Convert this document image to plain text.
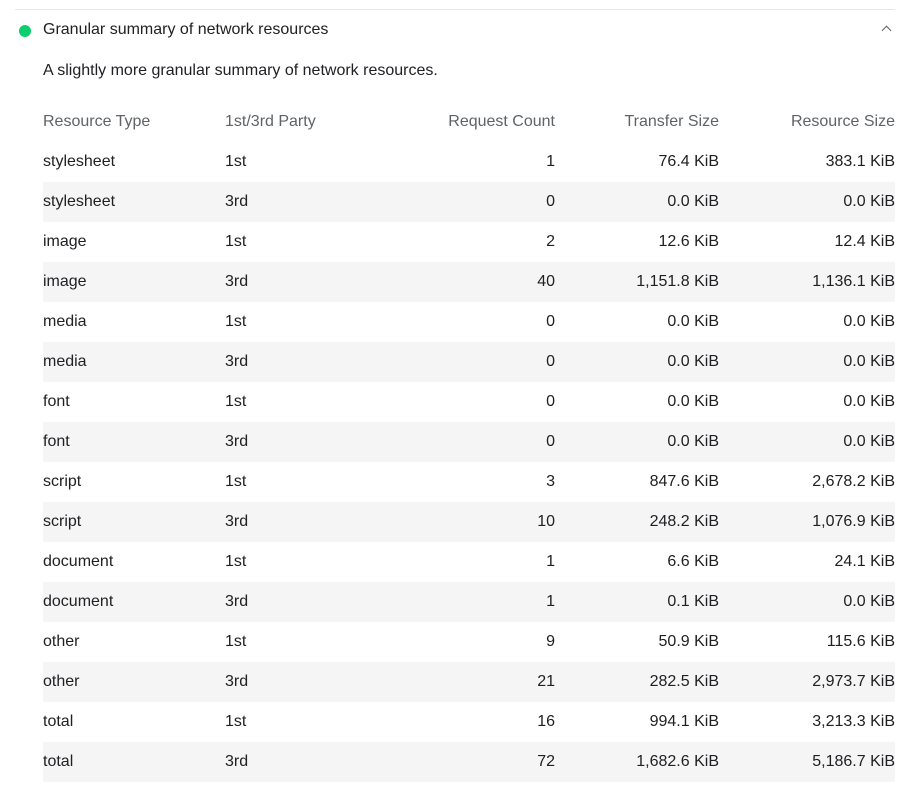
Granular summary of network resources
A slightly more granular summary of network resources.
Resource Type	1st/3rd Party	Request Count	Transfer Size	Resource Size
stylesheet	1st	1	76.4 KiB	383.1 KiB
stylesheet	3rd	0	0.0 KiB	0.0 KiB
image	1st	2	12.6 KiB	12.4 KiB
image	3rd	40	1,151.8 KiB	1,136.1 KiB
media	1st	0	0.0 KiB	0.0 KiB
media	3rd	0	0.0 KiB	0.0 KiB
font	1st	0	0.0 KiB	0.0 KiB
font	3rd	0	0.0 KiB	0.0 KiB
script	1st	3	847.6 KiB	2,678.2 KiB
script	3rd	10	248.2 KiB	1,076.9 KiB
document	1st	1	6.6 KiB	24.1 KiB
document	3rd	1	0.1 KiB	0.0 KiB
other	1st	9	50.9 KiB	115.6 KiB
other	3rd	21	282.5 KiB	2,973.7 KiB
total	1st	16	994.1 KiB	3,213.3 KiB
total	3rd	72	1,682.6 KiB	5,186.7 KiB
